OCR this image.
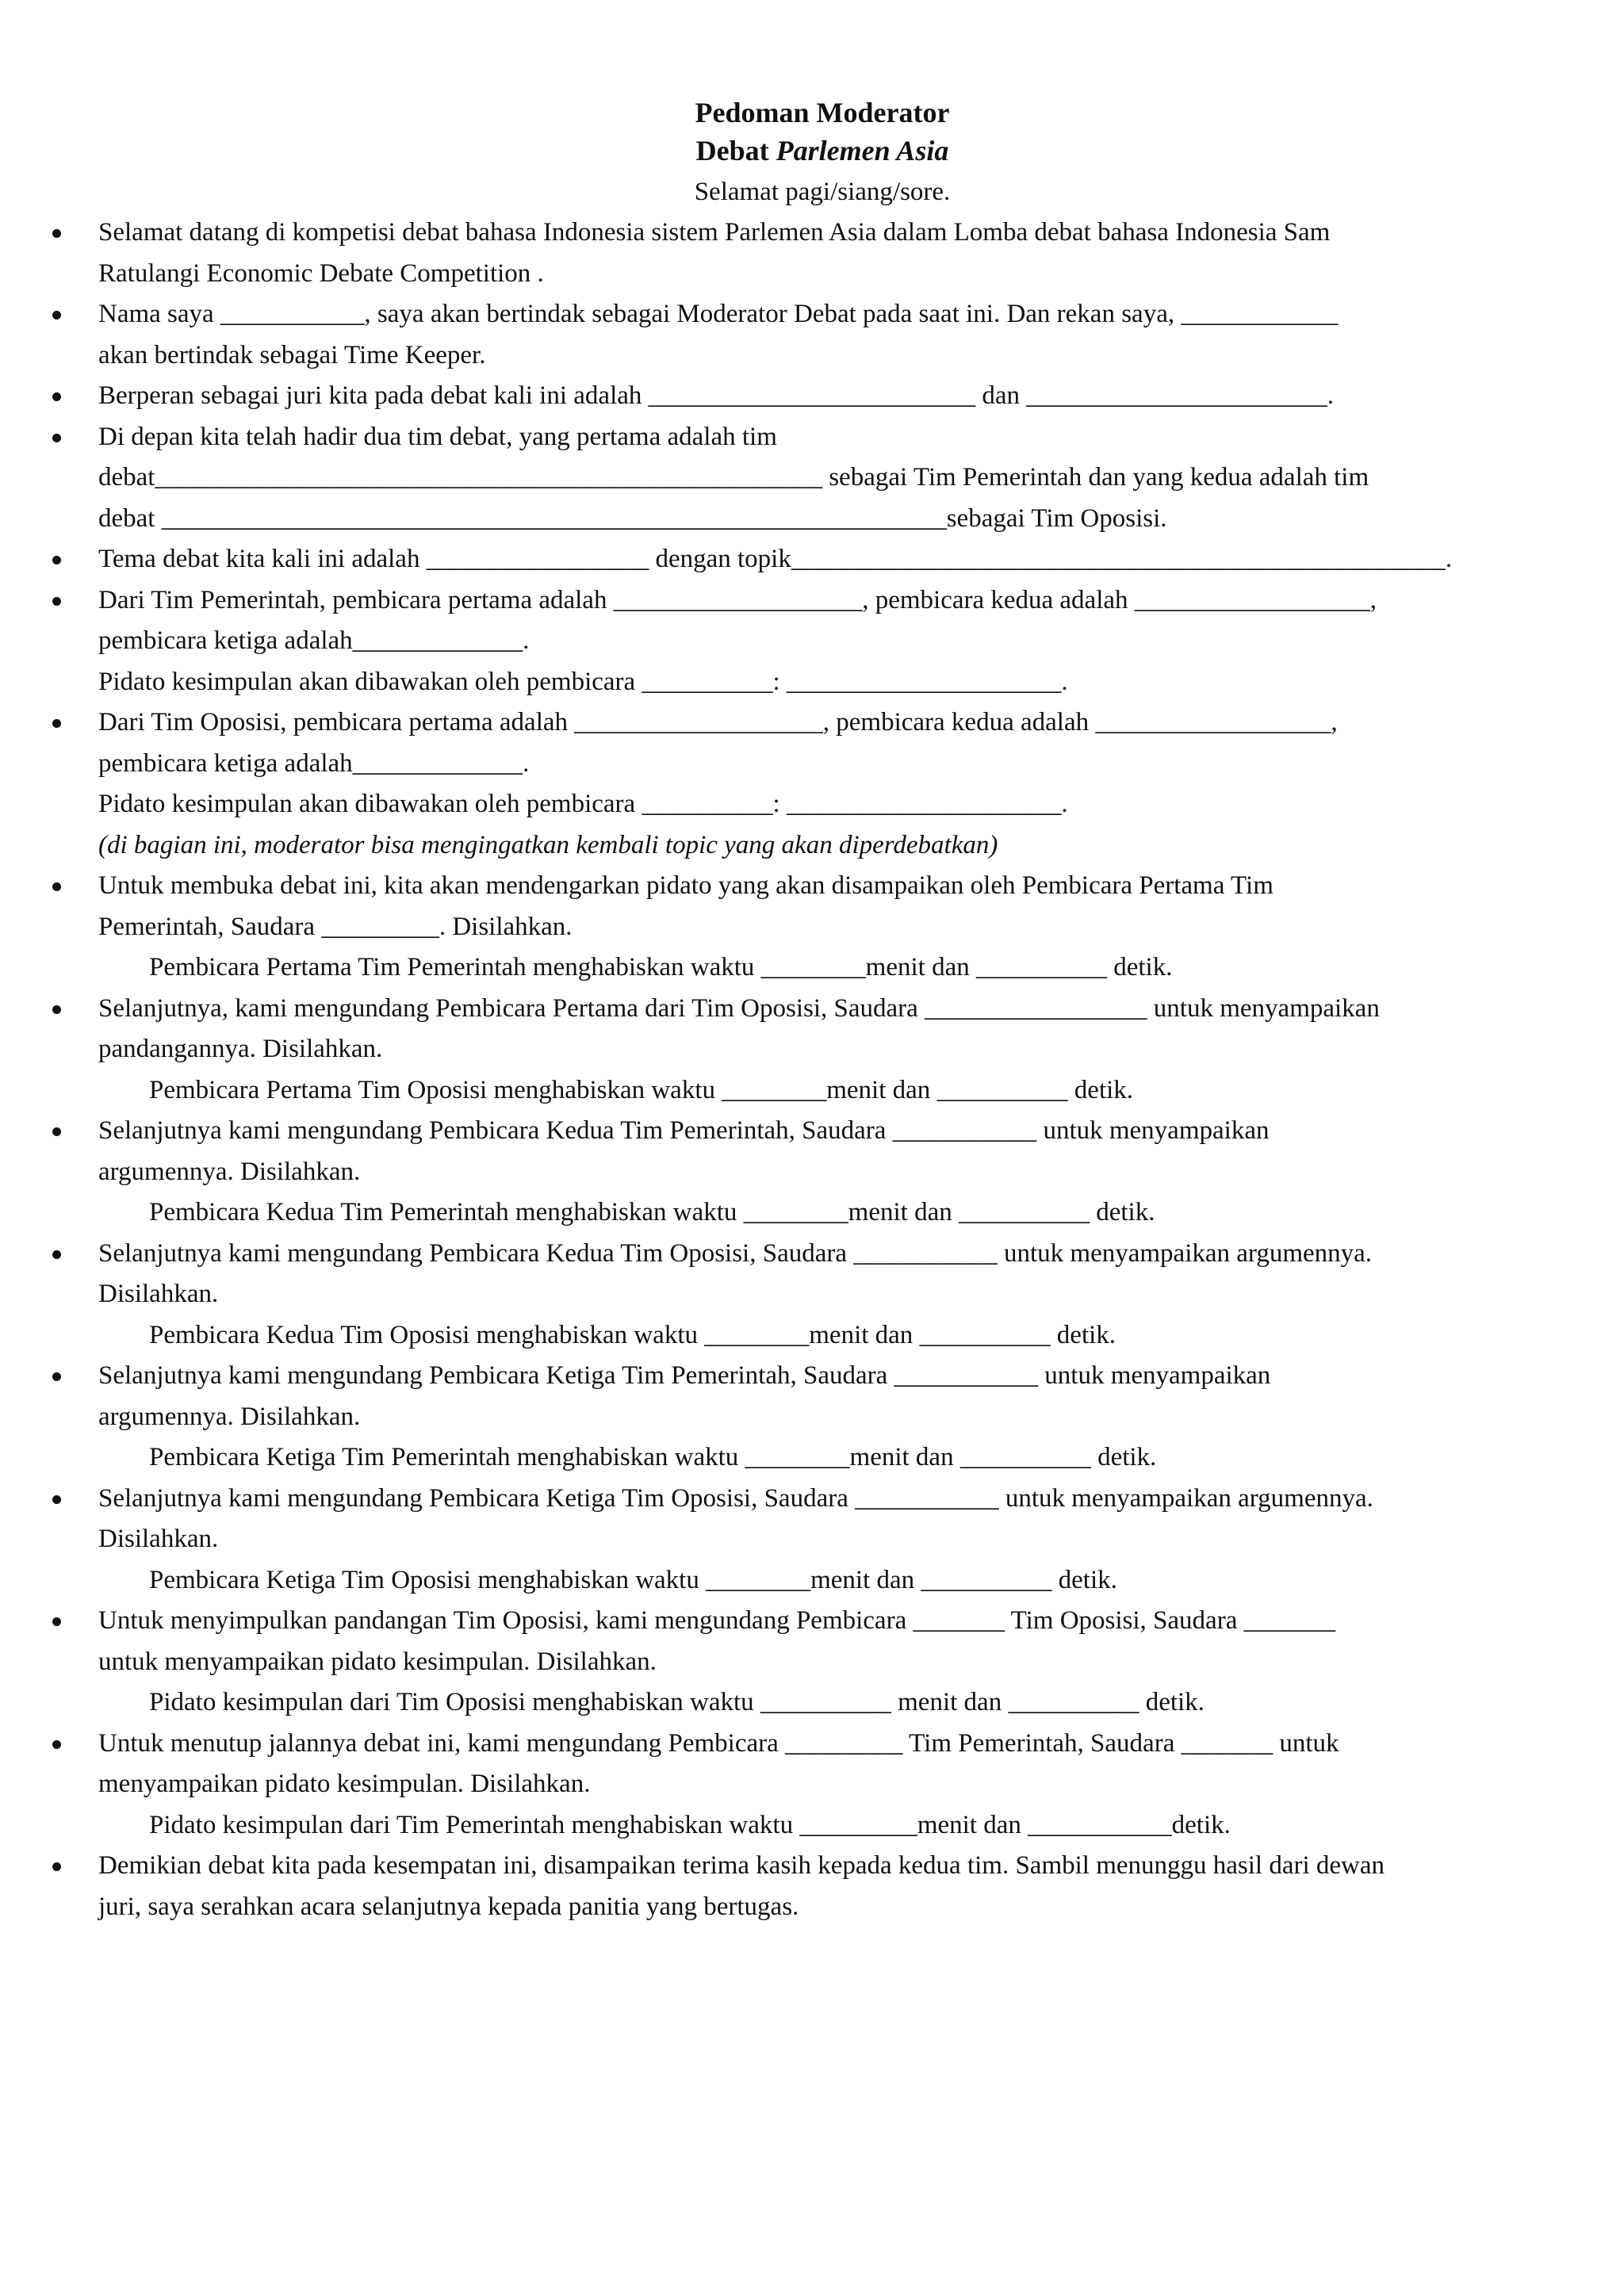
Pedoman Moderator
Debat Parlemen Asia
Selamat pagi/siang/sore.
Selamat datang di kompetisi debat bahasa Indonesia sistem Parlemen Asia dalam Lomba debat bahasa Indonesia Sam
Ratulangi Economic Debate Competition .
Nama saya ___________, saya akan bertindak sebagai Moderator Debat pada saat ini. Dan rekan saya, ____________
akan bertindak sebagai Time Keeper.
Berperan sebagai juri kita pada debat kali ini adalah _________________________ dan _______________________.
Di depan kita telah hadir dua tim debat, yang pertama adalah tim
debat___________________________________________________ sebagai Tim Pemerintah dan yang kedua adalah tim
debat ____________________________________________________________sebagai Tim Oposisi.
Tema debat kita kali ini adalah _________________ dengan topik__________________________________________________.
Dari Tim Pemerintah, pembicara pertama adalah ___________________, pembicara kedua adalah __________________,
pembicara ketiga adalah_____________.
Pidato kesimpulan akan dibawakan oleh pembicara __________: _____________________.
Dari Tim Oposisi, pembicara pertama adalah ___________________, pembicara kedua adalah __________________,
pembicara ketiga adalah_____________.
Pidato kesimpulan akan dibawakan oleh pembicara __________: _____________________.
(di bagian ini, moderator bisa mengingatkan kembali topic yang akan diperdebatkan)
Untuk membuka debat ini, kita akan mendengarkan pidato yang akan disampaikan oleh Pembicara Pertama Tim
Pemerintah, Saudara _________. Disilahkan.
Pembicara Pertama Tim Pemerintah menghabiskan waktu ________menit dan __________ detik.
Selanjutnya, kami mengundang Pembicara Pertama dari Tim Oposisi, Saudara _________________ untuk menyampaikan
pandangannya. Disilahkan.
Pembicara Pertama Tim Oposisi menghabiskan waktu ________menit dan __________ detik.
Selanjutnya kami mengundang Pembicara Kedua Tim Pemerintah, Saudara ___________ untuk menyampaikan
argumennya. Disilahkan.
Pembicara Kedua Tim Pemerintah menghabiskan waktu ________menit dan __________ detik.
Selanjutnya kami mengundang Pembicara Kedua Tim Oposisi, Saudara ___________ untuk menyampaikan argumennya.
Disilahkan.
Pembicara Kedua Tim Oposisi menghabiskan waktu ________menit dan __________ detik.
Selanjutnya kami mengundang Pembicara Ketiga Tim Pemerintah, Saudara ___________ untuk menyampaikan
argumennya. Disilahkan.
Pembicara Ketiga Tim Pemerintah menghabiskan waktu ________menit dan __________ detik.
Selanjutnya kami mengundang Pembicara Ketiga Tim Oposisi, Saudara ___________ untuk menyampaikan argumennya.
Disilahkan.
Pembicara Ketiga Tim Oposisi menghabiskan waktu ________menit dan __________ detik.
Untuk menyimpulkan pandangan Tim Oposisi, kami mengundang Pembicara _______ Tim Oposisi, Saudara _______
untuk menyampaikan pidato kesimpulan. Disilahkan.
Pidato kesimpulan dari Tim Oposisi menghabiskan waktu __________ menit dan __________ detik.
Untuk menutup jalannya debat ini, kami mengundang Pembicara _________ Tim Pemerintah, Saudara _______ untuk
menyampaikan pidato kesimpulan. Disilahkan.
Pidato kesimpulan dari Tim Pemerintah menghabiskan waktu _________menit dan ___________detik.
Demikian debat kita pada kesempatan ini, disampaikan terima kasih kepada kedua tim. Sambil menunggu hasil dari dewan
juri, saya serahkan acara selanjutnya kepada panitia yang bertugas.
